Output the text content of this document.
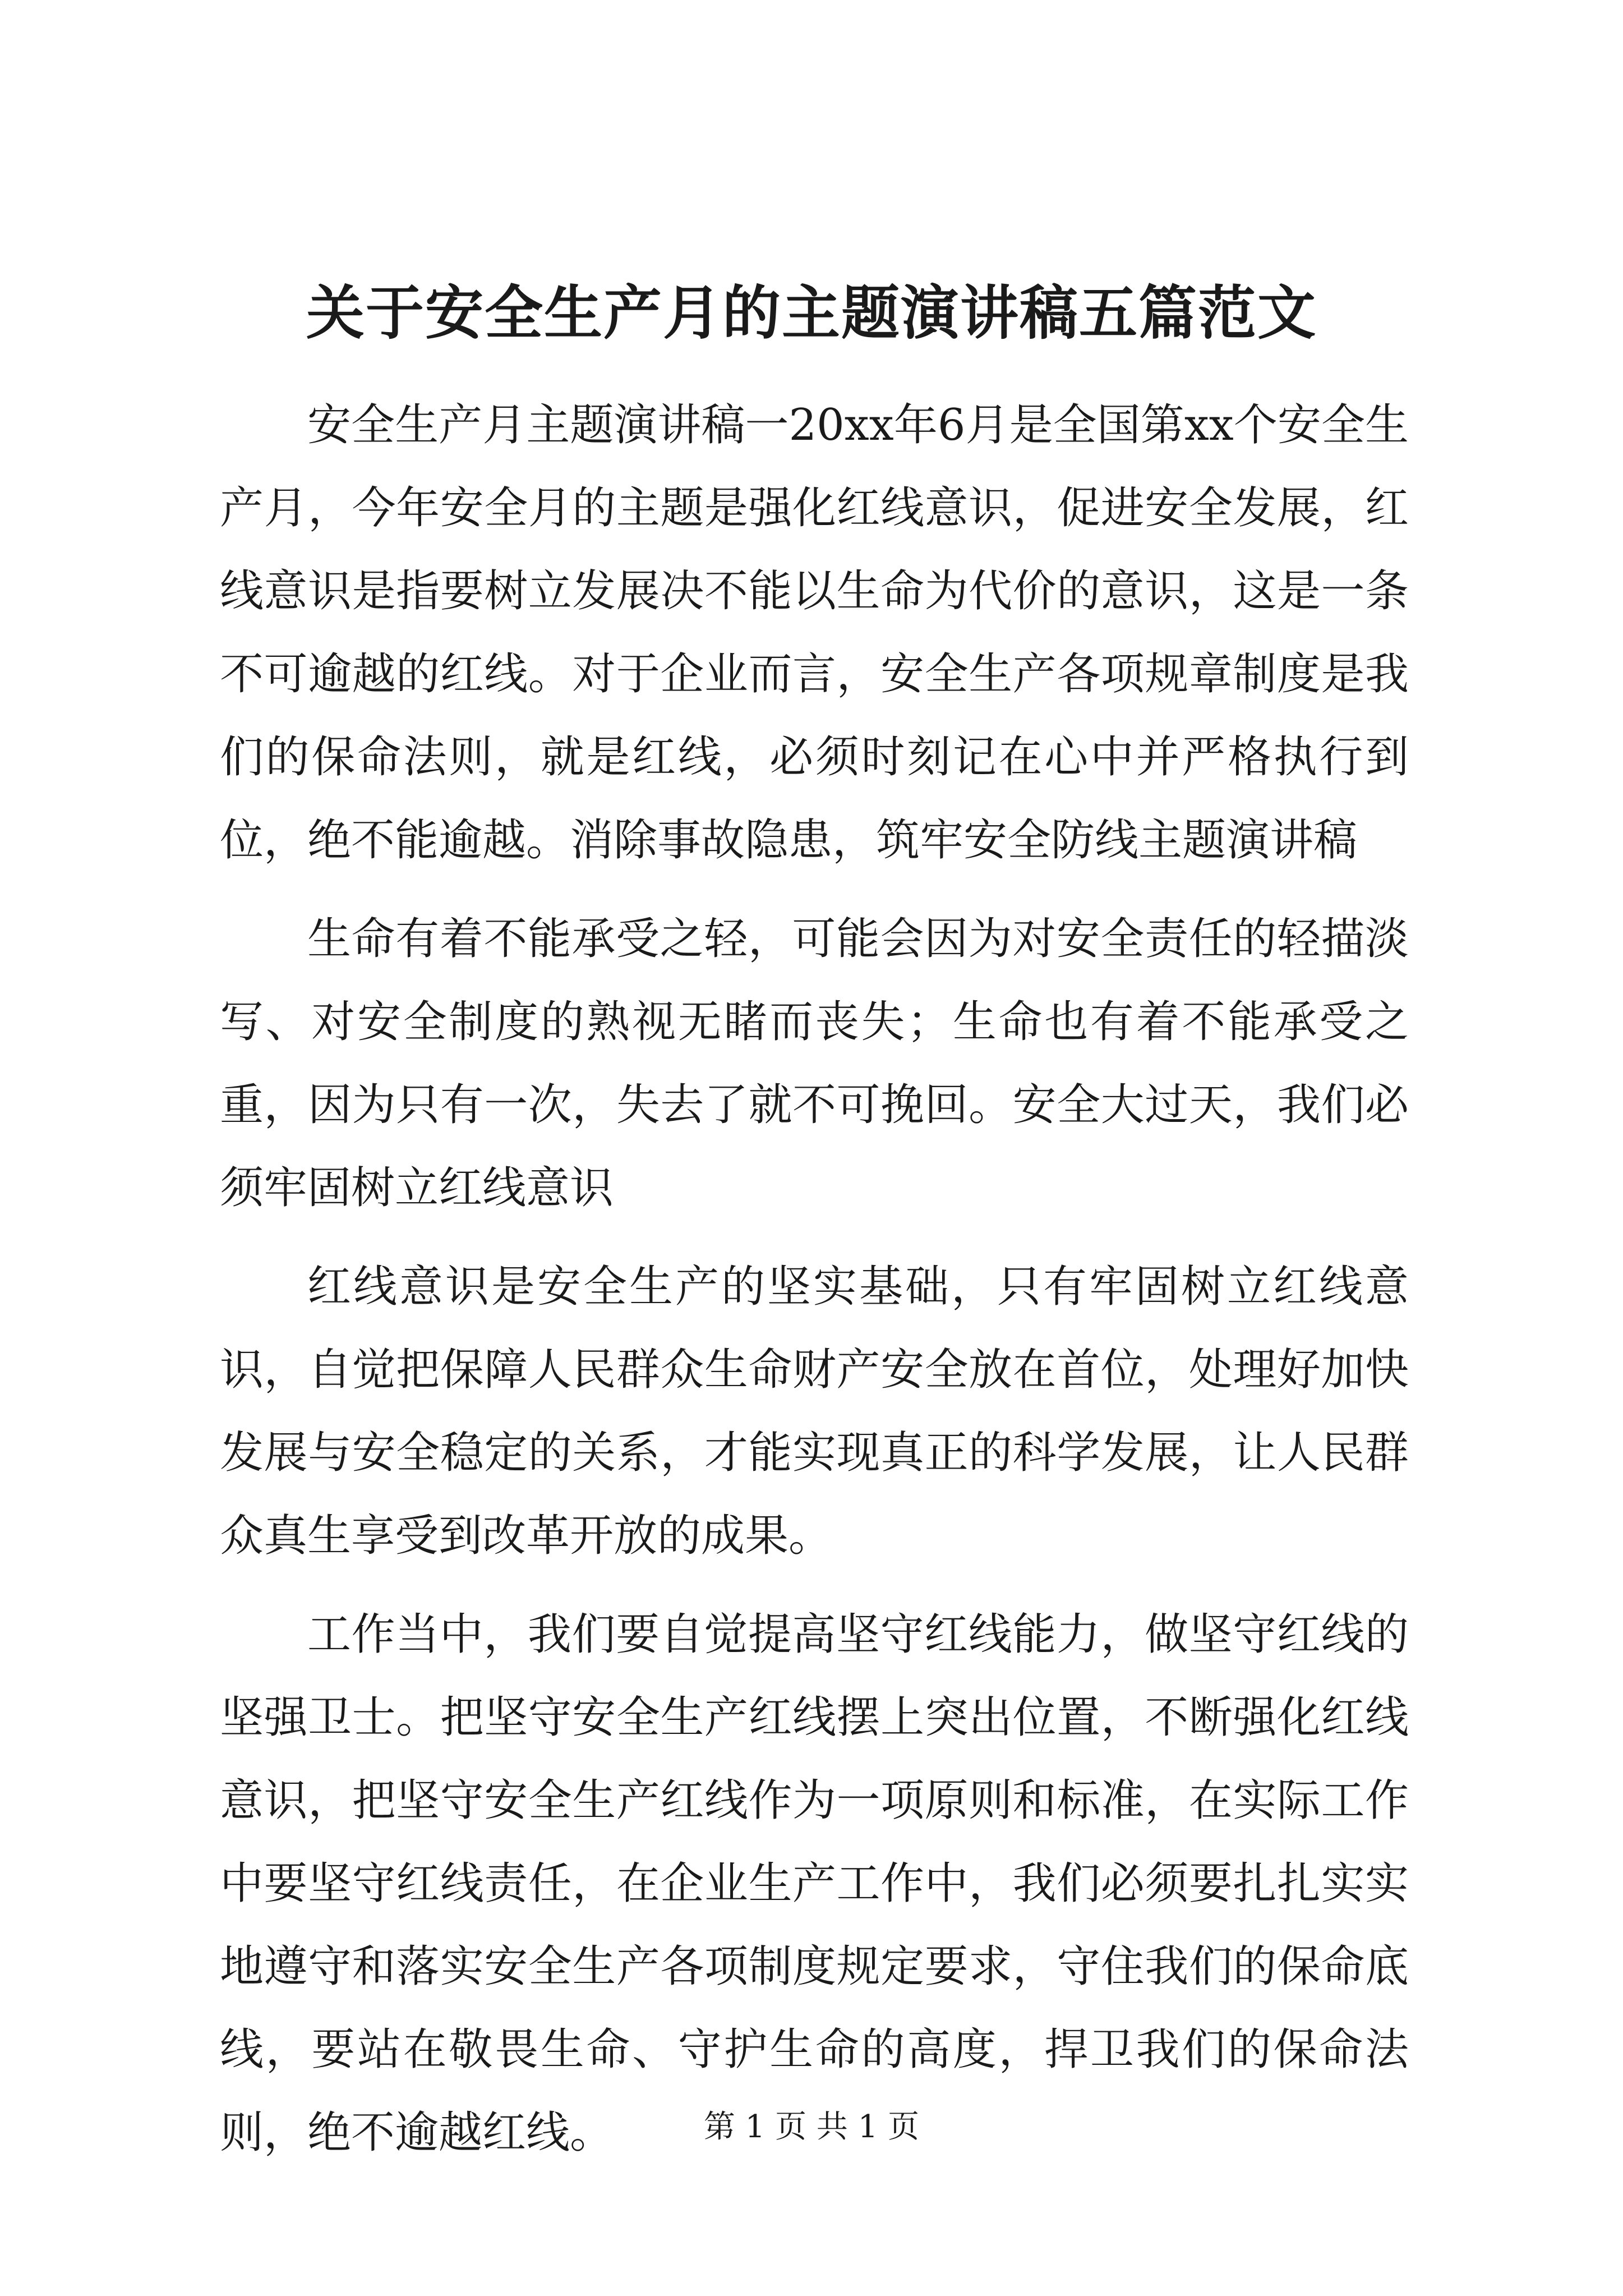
关于安全生产月的主题演讲稿五篇范文

安全生产月主题演讲稿一20xx年6月是全国第xx个安全生产月，今年安全月的主题是强化红线意识，促进安全发展，红线意识是指要树立发展决不能以生命为代价的意识，这是一条不可逾越的红线。对于企业而言，安全生产各项规章制度是我们的保命法则，就是红线，必须时刻记在心中并严格执行到位，绝不能逾越。消除事故隐患，筑牢安全防线主题演讲稿

生命有着不能承受之轻，可能会因为对安全责任的轻描淡写、对安全制度的熟视无睹而丧失；生命也有着不能承受之重，因为只有一次，失去了就不可挽回。安全大过天，我们必须牢固树立红线意识

红线意识是安全生产的坚实基础，只有牢固树立红线意识，自觉把保障人民群众生命财产安全放在首位，处理好加快发展与安全稳定的关系，才能实现真正的科学发展，让人民群众真生享受到改革开放的成果。

工作当中，我们要自觉提高坚守红线能力，做坚守红线的坚强卫士。把坚守安全生产红线摆上突出位置，不断强化红线意识，把坚守安全生产红线作为一项原则和标准，在实际工作中要坚守红线责任，在企业生产工作中，我们必须要扎扎实实地遵守和落实安全生产各项制度规定要求，守住我们的保命底线，要站在敬畏生命、守护生命的高度，捍卫我们的保命法则，绝不逾越红线。	第 1 页 共 1 页
